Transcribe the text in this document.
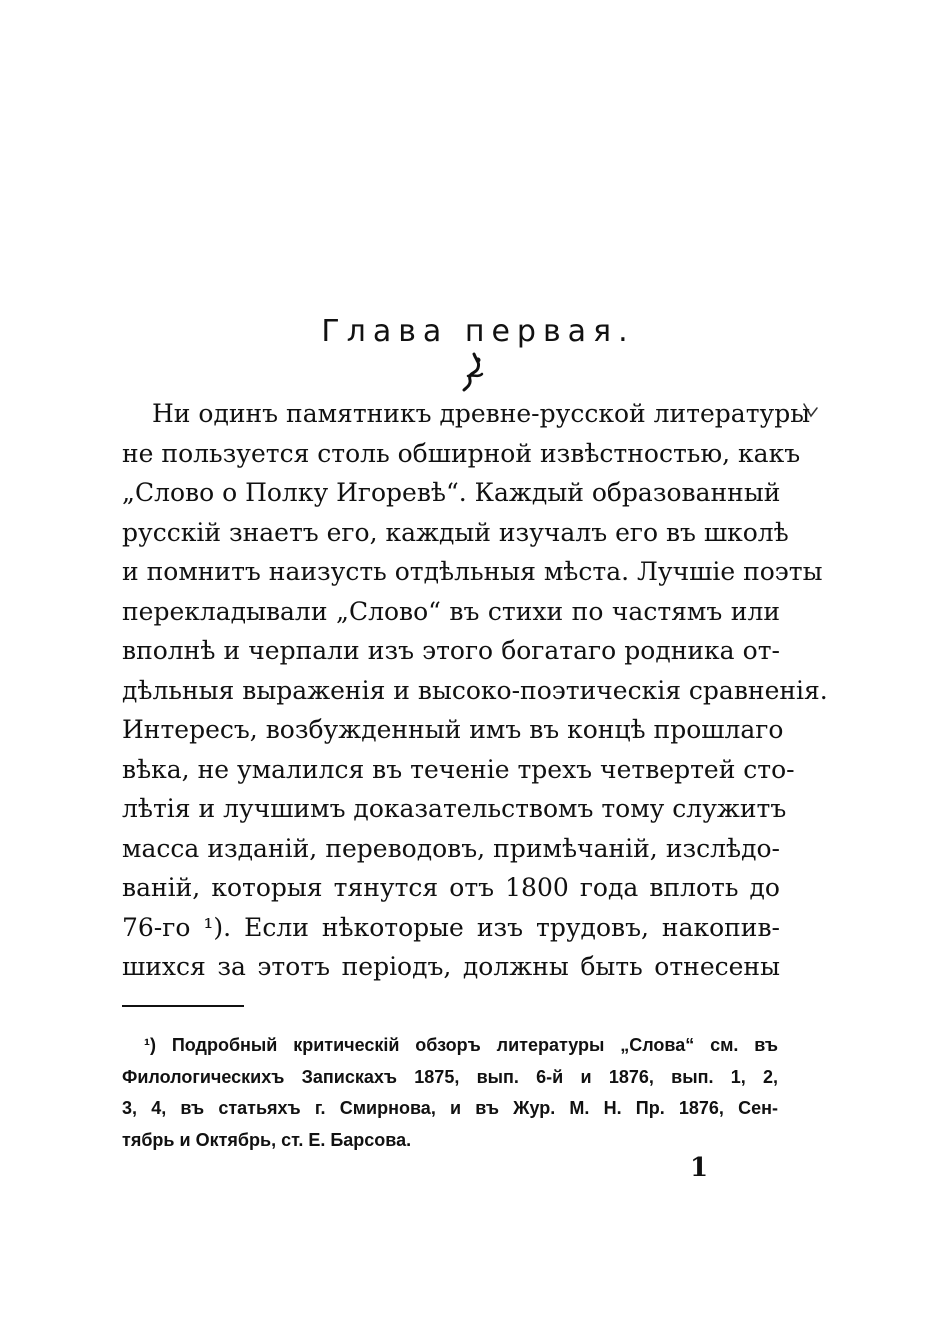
Глава первая.
Ни одинъ памятникъ древне-русской литературы
не пользуется столь обширной извѣстностью, какъ
„Слово о Полку Игоревѣ“. Каждый образованный
русскій знаетъ его, каждый изучалъ его въ школѣ
и помнитъ наизусть отдѣльныя мѣста. Лучшіе поэты
перекладывали „Слово“ въ стихи по частямъ или
вполнѣ и черпали изъ этого богатаго родника от-
дѣльныя выраженія и высоко-поэтическія сравненія.
Интересъ, возбужденный имъ въ концѣ прошлаго
вѣка, не умалился въ теченіе трехъ четвертей сто-
лѣтія и лучшимъ доказательствомъ тому служитъ
масса изданій, переводовъ, примѣчаній, изслѣдо-
ваній, которыя тянутся отъ 1800 года вплоть до
76-го ¹). Если нѣкоторые изъ трудовъ, накопив-
шихся за этотъ періодъ, должны быть отнесены
¹) Подробный критическій обзоръ литературы „Слова“ см. въ
Филологическихъ Запискахъ 1875, вып. 6-й и 1876, вып. 1, 2,
3, 4, въ статьяхъ г. Смирнова, и въ Жур. М. Н. Пр. 1876, Сен-
тябрь и Октябрь, ст. Е. Барсова.
1
